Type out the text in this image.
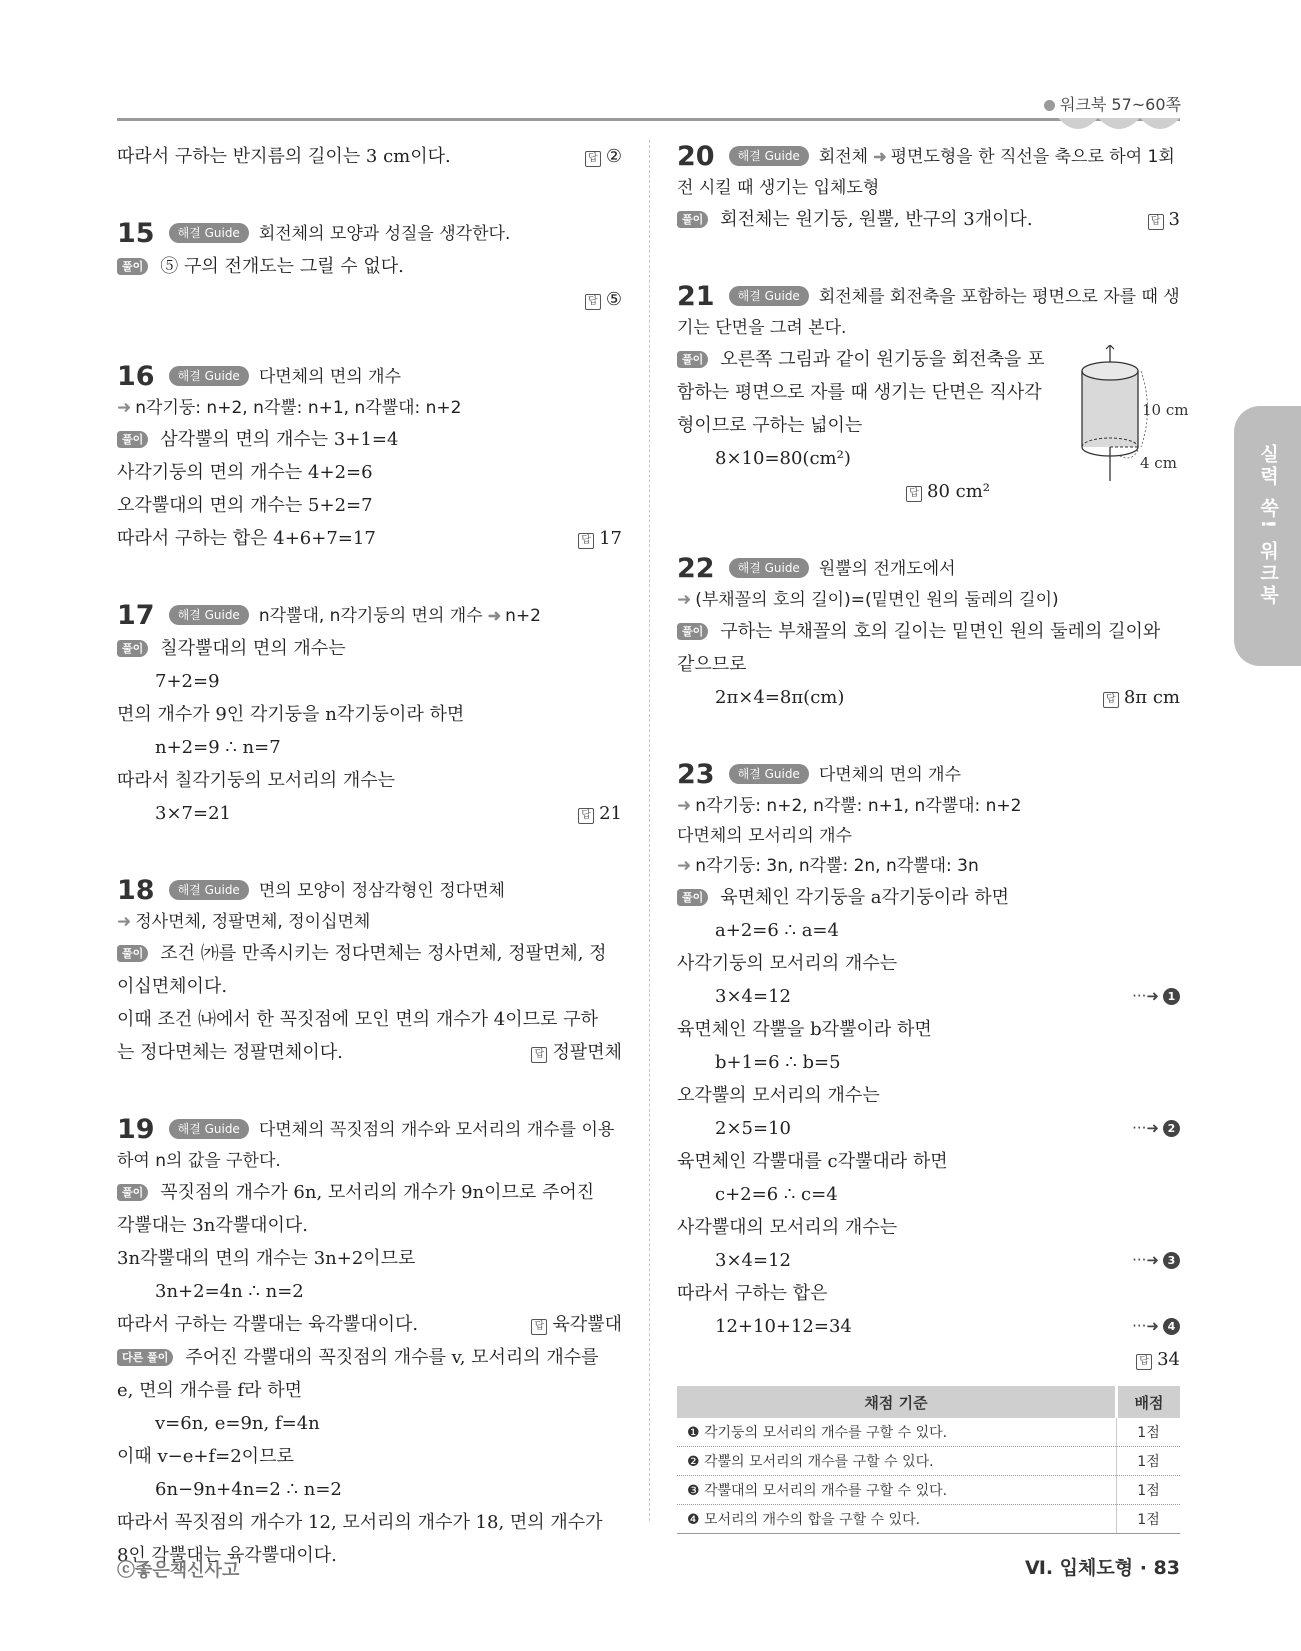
워크북 57~60쪽
실력 쑥! 워크북
따라서 구하는 반지름의 길이는 3 cm이다.	답 ②
15 해결 Guide 회전체의 모양과 성질을 생각한다.
풀이 ⑤ 구의 전개도는 그릴 수 없다.
답 ⑤
16 해결 Guide 다면체의 면의 개수
➜ n각기둥: n+2, n각뿔: n+1, n각뿔대: n+2
풀이 삼각뿔의 면의 개수는 3+1=4
사각기둥의 면의 개수는 4+2=6
오각뿔대의 면의 개수는 5+2=7
따라서 구하는 합은 4+6+7=17	답 17
17 해결 Guide n각뿔대, n각기둥의 면의 개수 ➜ n+2
풀이 칠각뿔대의 면의 개수는
7+2=9
면의 개수가 9인 각기둥을 n각기둥이라 하면
n+2=9 ∴ n=7
따라서 칠각기둥의 모서리의 개수는
3×7=21	답 21
18 해결 Guide 면의 모양이 정삼각형인 정다면체
➜ 정사면체, 정팔면체, 정이십면체
풀이 조건 ㈎를 만족시키는 정다면체는 정사면체, 정팔면체, 정
이십면체이다.
이때 조건 ㈏에서 한 꼭짓점에 모인 면의 개수가 4이므로 구하
는 정다면체는 정팔면체이다.	답 정팔면체
19 해결 Guide 다면체의 꼭짓점의 개수와 모서리의 개수를 이용
하여 n의 값을 구한다.
풀이 꼭짓점의 개수가 6n, 모서리의 개수가 9n이므로 주어진
각뿔대는 3n각뿔대이다.
3n각뿔대의 면의 개수는 3n+2이므로
3n+2=4n ∴ n=2
따라서 구하는 각뿔대는 육각뿔대이다.	답 육각뿔대
다른 풀이 주어진 각뿔대의 꼭짓점의 개수를 v, 모서리의 개수를
e, 면의 개수를 f라 하면
v=6n, e=9n, f=4n
이때 v−e+f=2이므로
6n−9n+4n=2 ∴ n=2
따라서 꼭짓점의 개수가 12, 모서리의 개수가 18, 면의 개수가
8인 각뿔대는 육각뿔대이다.
20 해결 Guide 회전체 ➜ 평면도형을 한 직선을 축으로 하여 1회
전 시킬 때 생기는 입체도형
풀이 회전체는 원기둥, 원뿔, 반구의 3개이다.	답 3
21 해결 Guide 회전체를 회전축을 포함하는 평면으로 자를 때 생
기는 단면을 그려 본다.
풀이 오른쪽 그림과 같이 원기둥을 회전축을 포
함하는 평면으로 자를 때 생기는 단면은 직사각
형이므로 구하는 넓이는
8×10=80(cm²)
답 80 cm²
22 해결 Guide 원뿔의 전개도에서
➜ (부채꼴의 호의 길이)=(밑면인 원의 둘레의 길이)
풀이 구하는 부채꼴의 호의 길이는 밑면인 원의 둘레의 길이와
같으므로
2π×4=8π(cm)	답 8π cm
23 해결 Guide 다면체의 면의 개수
➜ n각기둥: n+2, n각뿔: n+1, n각뿔대: n+2
다면체의 모서리의 개수
➜ n각기둥: 3n, n각뿔: 2n, n각뿔대: 3n
풀이 육면체인 각기둥을 a각기둥이라 하면
a+2=6 ∴ a=4
사각기둥의 모서리의 개수는
3×4=12	···➜ 1
육면체인 각뿔을 b각뿔이라 하면
b+1=6 ∴ b=5
오각뿔의 모서리의 개수는
2×5=10	···➜ 2
육면체인 각뿔대를 c각뿔대라 하면
c+2=6 ∴ c=4
사각뿔대의 모서리의 개수는
3×4=12	···➜ 3
따라서 구하는 합은
12+10+12=34	···➜ 4
답 34
채점 기준	배점
❶ 각기둥의 모서리의 개수를 구할 수 있다.	1점
❷ 각뿔의 모서리의 개수를 구할 수 있다.	1점
❸ 각뿔대의 모서리의 개수를 구할 수 있다.	1점
❹ 모서리의 개수의 합을 구할 수 있다.	1점
10 cm
4 cm
ⓒ좋은책신사고	Ⅵ. 입체도형 · 83
